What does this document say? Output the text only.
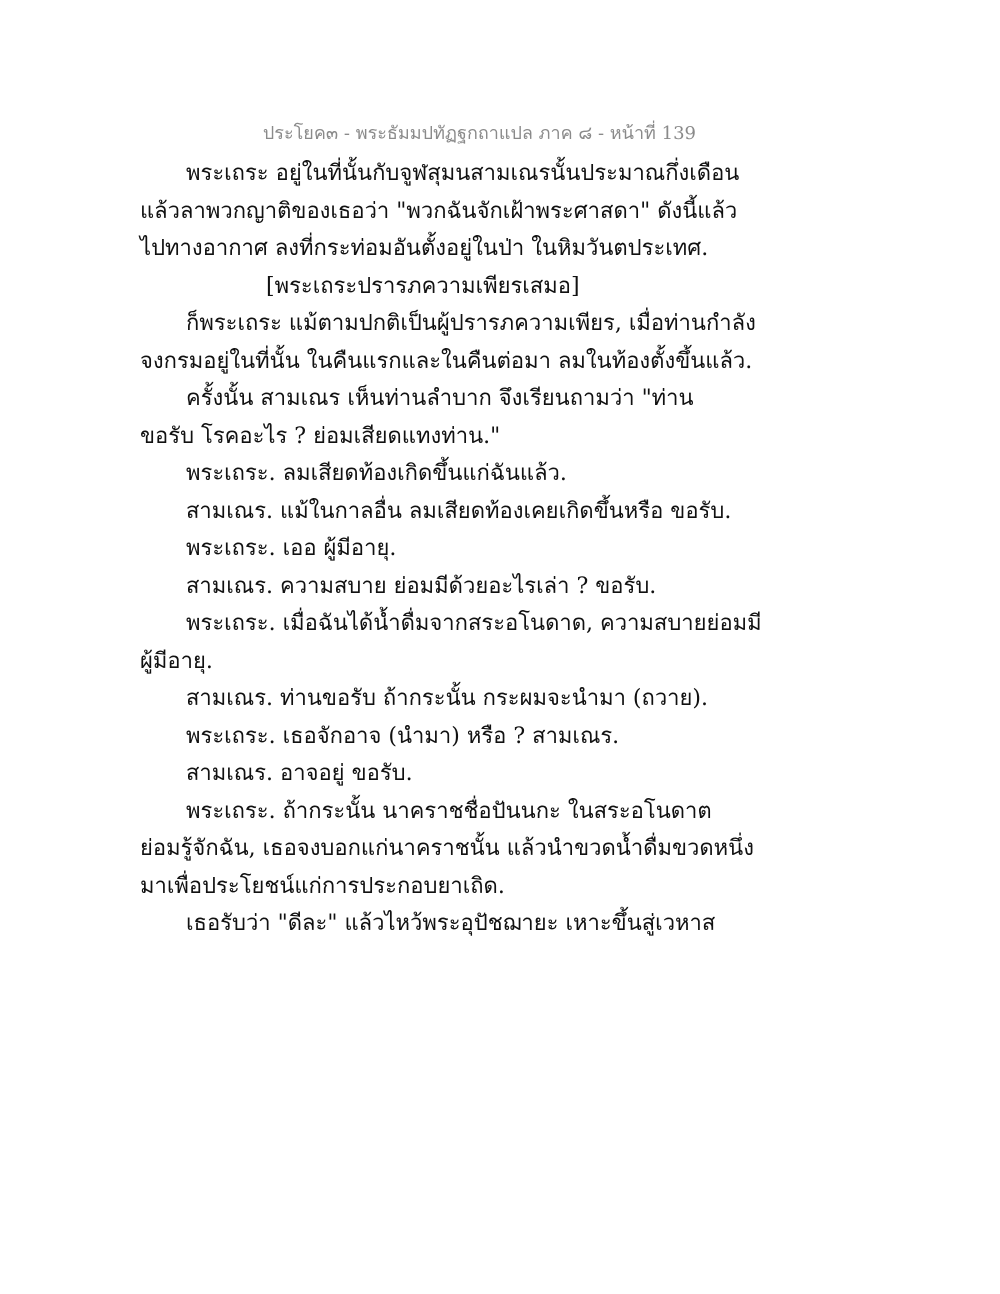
ประโยค๓ - พระธัมมปทัฏฐกถาแปล ภาค ๘ - หน้าที่ 139
พระเถระ อยู่ในที่นั้นกับจูฬสุมนสามเณรนั้นประมาณกึ่งเดือน
แล้วลาพวกญาติของเธอว่า "พวกฉันจักเฝ้าพระศาสดา" ดังนี้แล้ว
ไปทางอากาศ ลงที่กระท่อมอันตั้งอยู่ในป่า ในหิมวันตประเทศ.
[พระเถระปรารภความเพียรเสมอ]
ก็พระเถระ แม้ตามปกติเป็นผู้ปรารภความเพียร, เมื่อท่านกำลัง
จงกรมอยู่ในที่นั้น ในคืนแรกและในคืนต่อมา ลมในท้องตั้งขึ้นแล้ว.
ครั้งนั้น สามเณร เห็นท่านลำบาก จึงเรียนถามว่า "ท่าน
ขอรับ โรคอะไร ? ย่อมเสียดแทงท่าน."
พระเถระ. ลมเสียดท้องเกิดขึ้นแก่ฉันแล้ว.
สามเณร. แม้ในกาลอื่น ลมเสียดท้องเคยเกิดขึ้นหรือ ขอรับ.
พระเถระ. เออ ผู้มีอายุ.
สามเณร. ความสบาย ย่อมมีด้วยอะไรเล่า ? ขอรับ.
พระเถระ. เมื่อฉันได้น้ำดื่มจากสระอโนดาด, ความสบายย่อมมี
ผู้มีอายุ.
สามเณร. ท่านขอรับ ถ้ากระนั้น กระผมจะนำมา (ถวาย).
พระเถระ. เธอจักอาจ (นำมา) หรือ ? สามเณร.
สามเณร. อาจอยู่ ขอรับ.
พระเถระ. ถ้ากระนั้น นาคราชชื่อปันนกะ ในสระอโนดาต
ย่อมรู้จักฉัน, เธอจงบอกแก่นาคราชนั้น แล้วนำขวดน้ำดื่มขวดหนึ่ง
มาเพื่อประโยชน์แก่การประกอบยาเถิด.
เธอรับว่า "ดีละ" แล้วไหว้พระอุปัชฌายะ เหาะขึ้นสู่เวหาส
